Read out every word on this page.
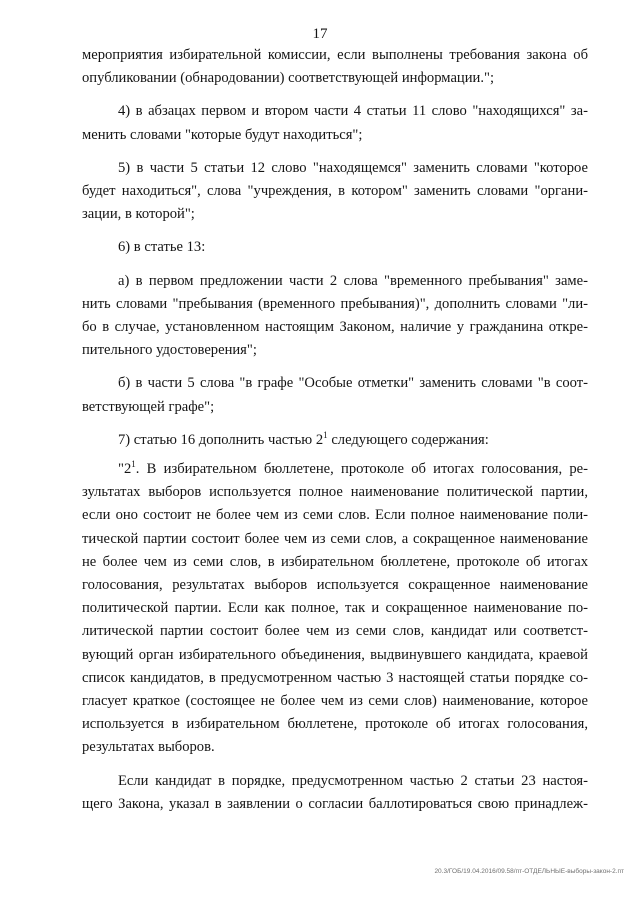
17
мероприятия избирательной комиссии, если выполнены требования закона об
опубликовании (обнародовании) соответствующей информации.";
4) в абзацах первом и втором части 4 статьи 11 слово "находящихся" за-
менить словами "которые будут находиться";
5) в части 5 статьи 12 слово "находящемся" заменить словами "которое
будет находиться", слова "учреждения, в котором" заменить словами "органи-
зации, в которой";
6) в статье 13:
а) в первом предложении части 2 слова "временного пребывания" заме-
нить словами "пребывания (временного пребывания)", дополнить словами "ли-
бо в случае, установленном настоящим Законом, наличие у гражданина откре-
пительного удостоверения";
б) в части 5 слова "в графе "Особые отметки" заменить словами "в соот-
ветствующей графе";
7) статью 16 дополнить частью $2^1$ следующего содержания:
"$2^1$. В избирательном бюллетене, протоколе об итогах голосования, ре-
зультатах выборов используется полное наименование политической партии,
если оно состоит не более чем из семи слов. Если полное наименование поли-
тической партии состоит более чем из семи слов, а сокращенное наименование
не более чем из семи слов, в избирательном бюллетене, протоколе об итогах
голосования, результатах выборов используется сокращенное наименование
политической партии. Если как полное, так и сокращенное наименование по-
литической партии состоит более чем из семи слов, кандидат или соответст-
вующий орган избирательного объединения, выдвинувшего кандидата, краевой
список кандидатов, в предусмотренном частью 3 настоящей статьи порядке со-
гласует краткое (состоящее не более чем из семи слов) наименование, которое
используется в избирательном бюллетене, протоколе об итогах голосования,
результатах выборов.
Если кандидат в порядке, предусмотренном частью 2 статьи 23 настоя-
щего Закона, указал в заявлении о согласии баллотироваться свою принадлеж-
20.3/ГОБ/19.04.2016/09.58/пт-ОТДЕЛЬНЫЕ-выборы-закон-2.пт
